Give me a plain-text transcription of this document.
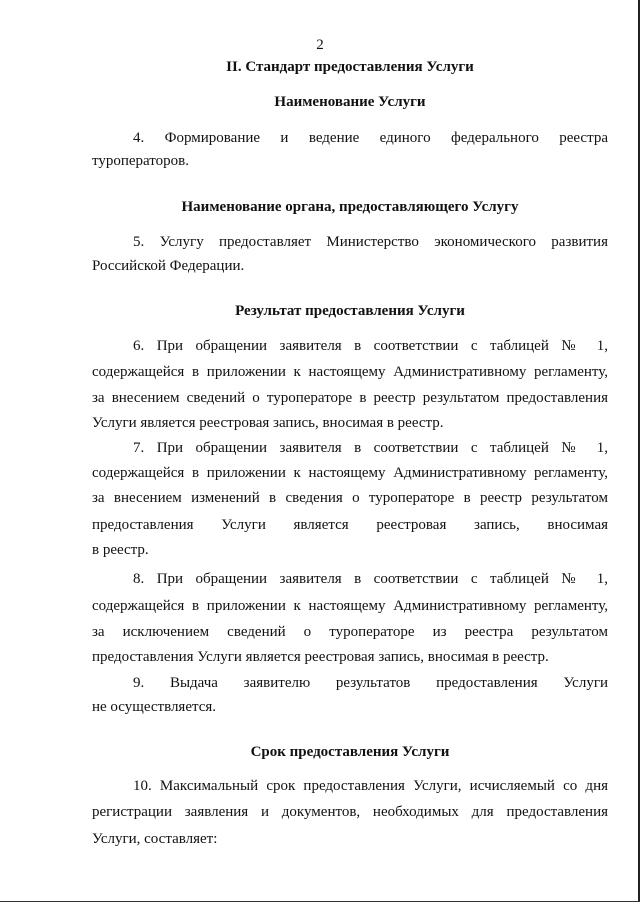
2
II. Стандарт предоставления Услуги
Наименование Услуги
4. Формирование и ведение единого федерального реестра
туроператоров.
Наименование органа, предоставляющего Услугу
5. Услугу предоставляет Министерство экономического развития
Российской Федерации.
Результат предоставления Услуги
6. При обращении заявителя в соответствии с таблицей № 1,
содержащейся в приложении к настоящему Административному регламенту,
за внесением сведений о туроператоре в реестр результатом предоставления
Услуги является реестровая запись, вносимая в реестр.
7. При обращении заявителя в соответствии с таблицей № 1,
содержащейся в приложении к настоящему Административному регламенту,
за внесением изменений в сведения о туроператоре в реестр результатом
предоставления Услуги является реестровая запись, вносимая
в реестр.
8. При обращении заявителя в соответствии с таблицей № 1,
содержащейся в приложении к настоящему Административному регламенту,
за исключением сведений о туроператоре из реестра результатом
предоставления Услуги является реестровая запись, вносимая в реестр.
9. Выдача заявителю результатов предоставления Услуги
не осуществляется.
Срок предоставления Услуги
10. Максимальный срок предоставления Услуги, исчисляемый со дня
регистрации заявления и документов, необходимых для предоставления
Услуги, составляет:
